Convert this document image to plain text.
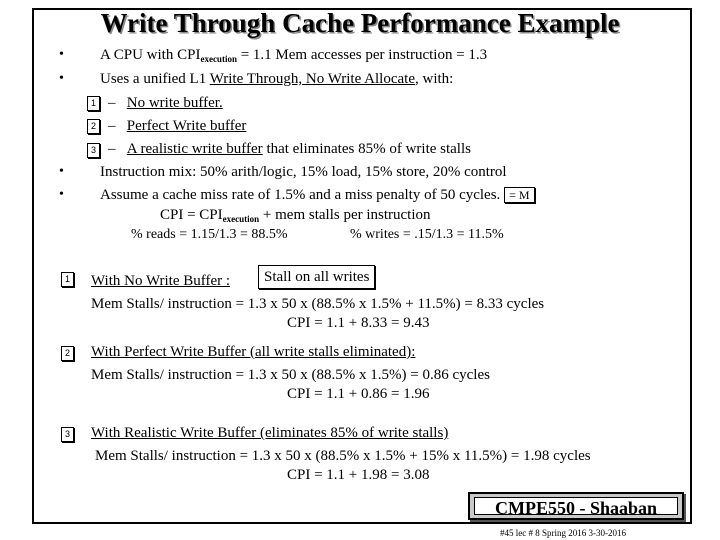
Write Through Cache Performance Example
• A CPU with $CPI_{execution} = 1.1$ Mem accesses per instruction = 1.3
• Uses a unified L1 Write Through, No Write Allocate, with:
1 – No write buffer.
2 – Perfect Write buffer
3 – A realistic write buffer that eliminates 85% of write stalls
• Instruction mix: 50% arith/logic, 15% load, 15% store, 20% control
• Assume a cache miss rate of 1.5% and a miss penalty of 50 cycles. = M
CPI = $CPI_{execution}$ + mem stalls per instruction
% reads = 1.15/1.3 = 88.5%	% writes = .15/1.3 = 11.5%
1 With No Write Buffer :	Stall on all writes
Mem Stalls/ instruction = 1.3 x 50 x (88.5% x 1.5% + 11.5%) = 8.33 cycles
CPI = 1.1 + 8.33 = 9.43
2 With Perfect Write Buffer (all write stalls eliminated):
Mem Stalls/ instruction = 1.3 x 50 x (88.5% x 1.5%) = 0.86 cycles
CPI = 1.1 + 0.86 = 1.96
3 With Realistic Write Buffer (eliminates 85% of write stalls)
Mem Stalls/ instruction = 1.3 x 50 x (88.5% x 1.5% + 15% x 11.5%) = 1.98 cycles
CPI = 1.1 + 1.98 = 3.08
CMPE550 - Shaaban
#45 lec # 8 Spring 2016 3-30-2016
